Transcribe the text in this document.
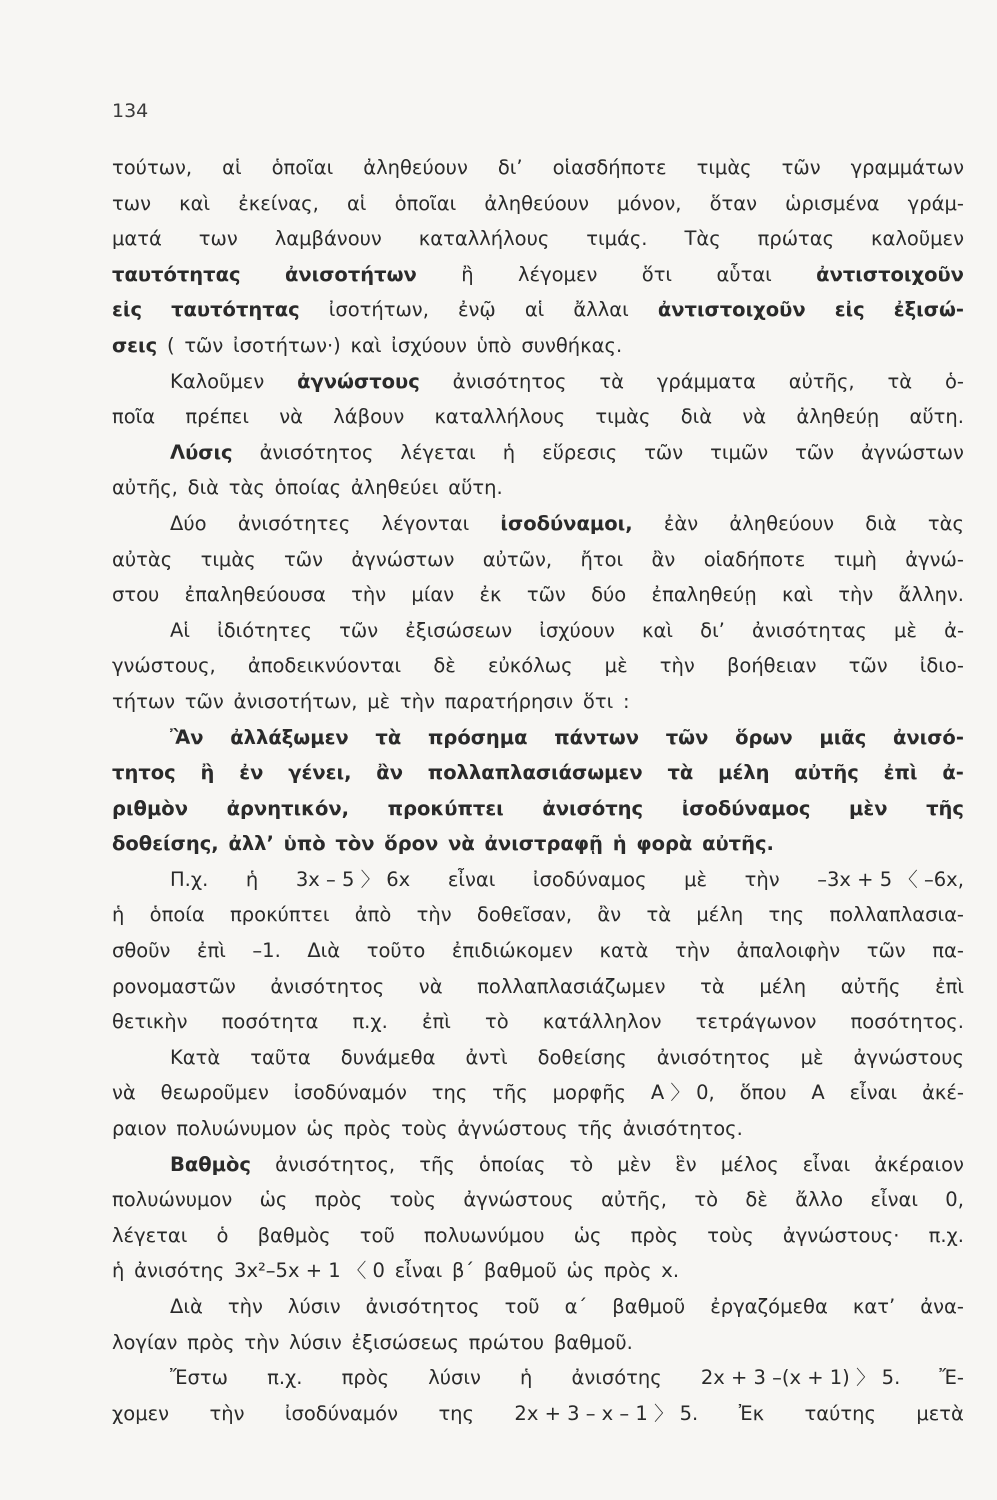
134
τούτων, αἱ ὁποῖαι ἀληθεύουν δι’ οἱασδήποτε τιμὰς τῶν γραμμάτων
των καὶ ἐκείνας, αἱ ὁποῖαι ἀληθεύουν μόνον, ὅταν ὡρισμένα γράμ-
ματά των λαμβάνουν καταλλήλους τιμάς. Τὰς πρώτας καλοῦμεν
ταυτότητας ἀνισοτήτων ἢ λέγομεν ὅτι αὗται ἀντιστοιχοῦν
εἰς ταυτότητας ἰσοτήτων, ἐνῷ αἱ ἄλλαι ἀντιστοιχοῦν εἰς ἐξισώ-
σεις ( τῶν ἰσοτήτων·) καὶ ἰσχύουν ὑπὸ συνθήκας.
Καλοῦμεν ἀγνώστους ἀνισότητος τὰ γράμματα αὐτῆς, τὰ ὁ-
ποῖα πρέπει νὰ λάβουν καταλλήλους τιμὰς διὰ νὰ ἀληθεύῃ αὕτη.
Λύσις ἀνισότητος λέγεται ἡ εὕρεσις τῶν τιμῶν τῶν ἀγνώστων
αὐτῆς, διὰ τὰς ὁποίας ἀληθεύει αὕτη.
Δύο ἀνισότητες λέγονται ἰσοδύναμοι, ἐὰν ἀληθεύουν διὰ τὰς
αὐτὰς τιμὰς τῶν ἀγνώστων αὐτῶν, ἤτοι ἂν οἱαδήποτε τιμὴ ἀγνώ-
στου ἐπαληθεύουσα τὴν μίαν ἐκ τῶν δύο ἐπαληθεύῃ καὶ τὴν ἄλλην.
Αἱ ἰδιότητες τῶν ἐξισώσεων ἰσχύουν καὶ δι’ ἀνισότητας μὲ ἀ-
γνώστους, ἀποδεικνύονται δὲ εὐκόλως μὲ τὴν βοήθειαν τῶν ἰδιο-
τήτων τῶν ἀνισοτήτων, μὲ τὴν παρατήρησιν ὅτι :
Ἂν ἀλλάξωμεν τὰ πρόσημα πάντων τῶν ὅρων μιᾶς ἀνισό-
τητος ἢ ἐν γένει, ἂν πολλαπλασιάσωμεν τὰ μέλη αὐτῆς ἐπὶ ἀ-
ριθμὸν ἀρνητικόν, προκύπτει ἀνισότης ἰσοδύναμος μὲν τῆς
δοθείσης, ἀλλ’ ὑπὸ τὸν ὅρον νὰ ἀνιστραφῇ ἡ φορὰ αὐτῆς.
Π.χ. ἡ 3x – 5 〉 6x εἶναι ἰσοδύναμος μὲ τὴν –3x + 5 〈 –6x,
ἡ ὁποία προκύπτει ἀπὸ τὴν δοθεῖσαν, ἂν τὰ μέλη της πολλαπλασια-
σθοῦν ἐπὶ –1. Διὰ τοῦτο ἐπιδιώκομεν κατὰ τὴν ἀπαλοιφὴν τῶν πα-
ρονομαστῶν ἀνισότητος νὰ πολλαπλασιάζωμεν τὰ μέλη αὐτῆς ἐπὶ
θετικὴν ποσότητα π.χ. ἐπὶ τὸ κατάλληλον τετράγωνον ποσότητος.
Κατὰ ταῦτα δυνάμεθα ἀντὶ δοθείσης ἀνισότητος μὲ ἀγνώστους
νὰ θεωροῦμεν ἰσοδύναμόν της τῆς μορφῆς A 〉 0, ὅπου A εἶναι ἀκέ-
ραιον πολυώνυμον ὡς πρὸς τοὺς ἀγνώστους τῆς ἀνισότητος.
Βαθμὸς ἀνισότητος, τῆς ὁποίας τὸ μὲν ἓν μέλος εἶναι ἀκέραιον
πολυώνυμον ὡς πρὸς τοὺς ἀγνώστους αὐτῆς, τὸ δὲ ἄλλο εἶναι 0,
λέγεται ὁ βαθμὸς τοῦ πολυωνύμου ὡς πρὸς τοὺς ἀγνώστους· π.χ.
ἡ ἀνισότης 3x²–5x + 1 〈 0 εἶναι β΄ βαθμοῦ ὡς πρὸς x.
Διὰ τὴν λύσιν ἀνισότητος τοῦ α΄ βαθμοῦ ἐργαζόμεθα κατ’ ἀνα-
λογίαν πρὸς τὴν λύσιν ἐξισώσεως πρώτου βαθμοῦ.
Ἔστω π.χ. πρὸς λύσιν ἡ ἀνισότης 2x + 3 –(x + 1) 〉 5. Ἔ-
χομεν τὴν ἰσοδύναμόν της 2x + 3 – x – 1 〉 5. Ἐκ ταύτης μετὰ
